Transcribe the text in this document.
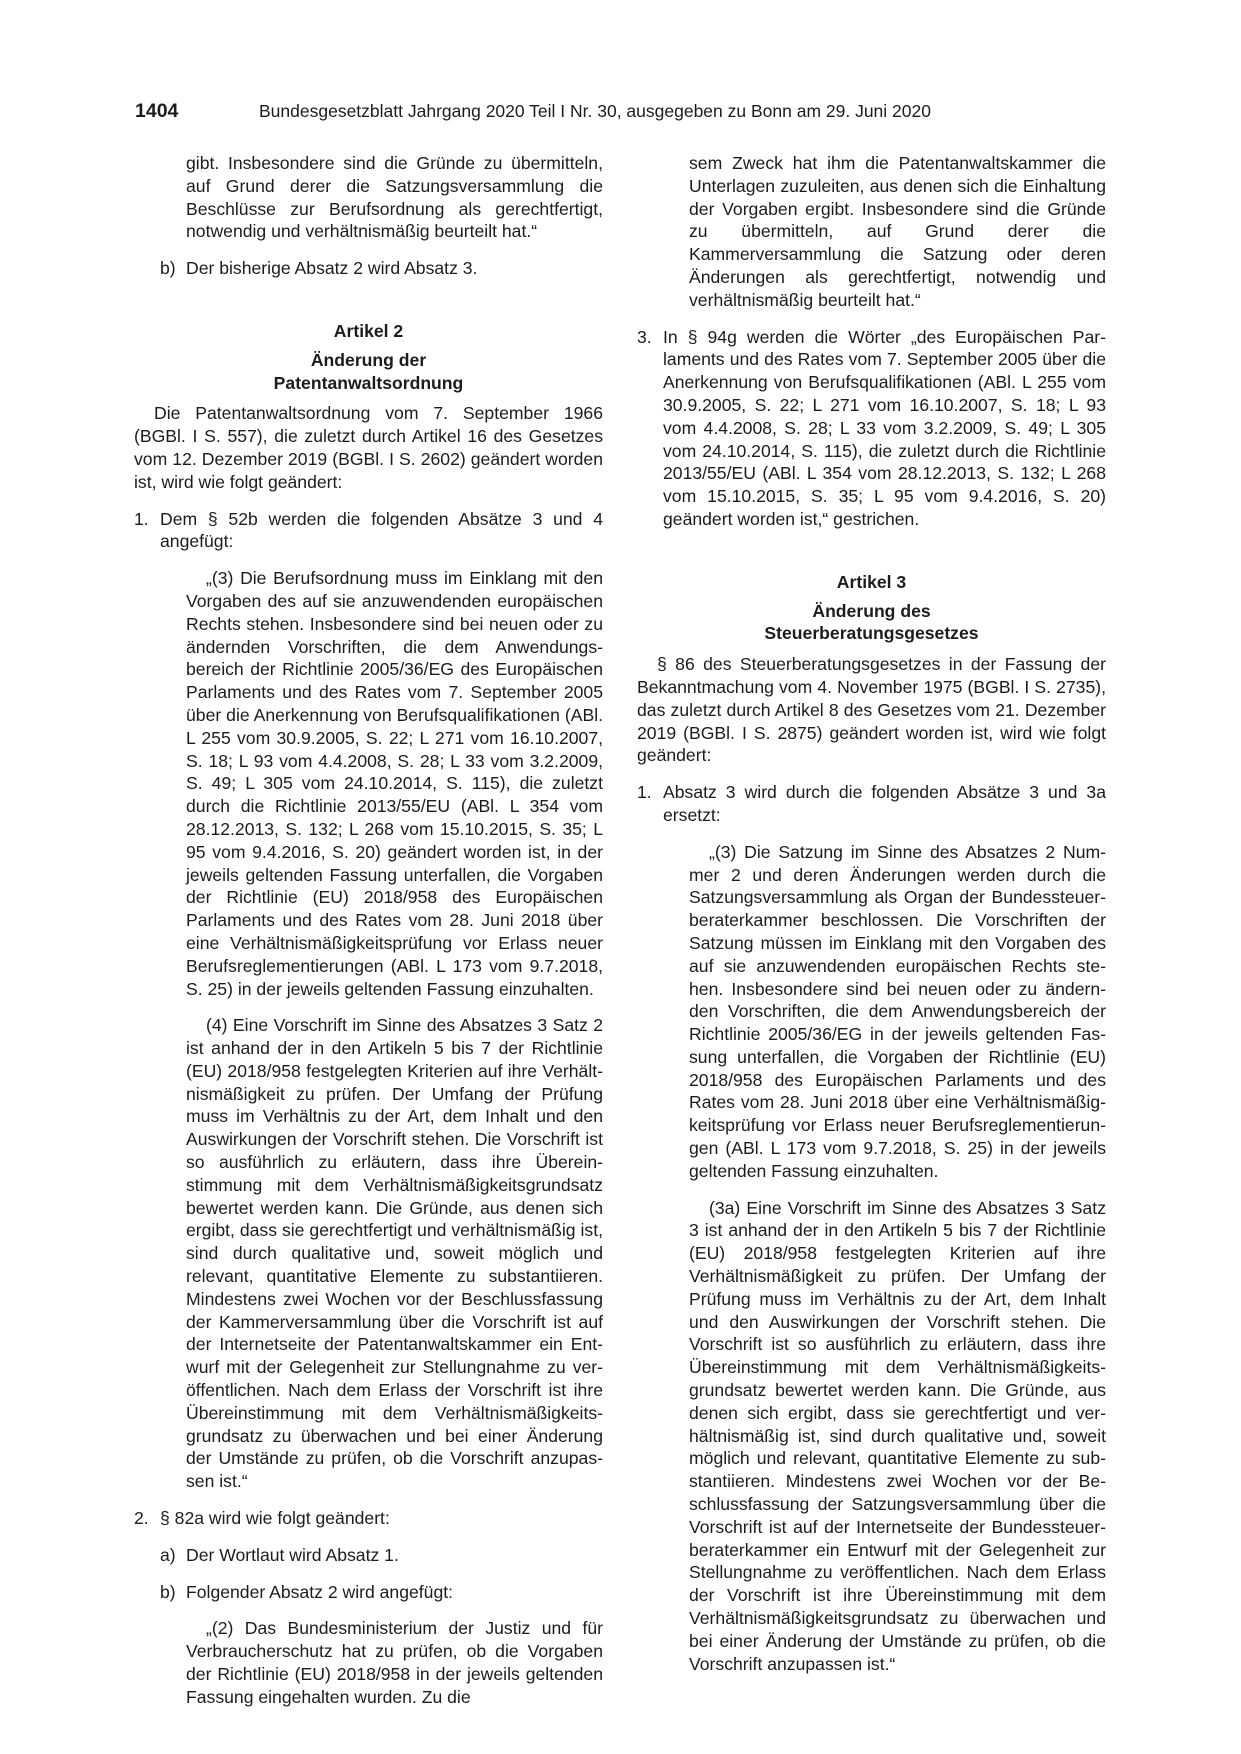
1404	Bundesgesetzblatt Jahrgang 2020 Teil I Nr. 30, ausgegeben zu Bonn am 29. Juni 2020

gibt. Insbesondere sind die Gründe zu übermitteln, auf Grund derer die Satzungsversammlung die Beschlüsse zur Berufsordnung als gerechtfertigt, notwendig und verhältnismäßig beurteilt hat.“

b) Der bisherige Absatz 2 wird Absatz 3.

Artikel 2

Änderung der

Patentanwaltsordnung

Die Patentanwaltsordnung vom 7. September 1966 (BGBl. I S. 557), die zuletzt durch Artikel 16 des Gesetzes vom 12. Dezember 2019 (BGBl. I S. 2602) geändert worden ist, wird wie folgt geändert:

1. Dem § 52b werden die folgenden Absätze 3 und 4 angefügt:

„(3) Die Berufsordnung muss im Einklang mit den Vorgaben des auf sie anzuwendenden europäischen Rechts stehen. Insbesondere sind bei neuen oder zu ändernden Vorschriften, die dem Anwendungsbereich der Richtlinie 2005/36/EG des Europäischen Parlaments und des Rates vom 7. September 2005 über die Anerkennung von Berufsqualifikationen (ABl. L 255 vom 30.9.2005, S. 22; L 271 vom 16.10.2007, S. 18; L 93 vom 4.4.2008, S. 28; L 33 vom 3.2.2009, S. 49; L 305 vom 24.10.2014, S. 115), die zuletzt durch die Richtlinie 2013/55/EU (ABl. L 354 vom 28.12.2013, S. 132; L 268 vom 15.10.2015, S. 35; L 95 vom 9.4.2016, S. 20) geändert worden ist, in der jeweils geltenden Fassung unterfallen, die Vorgaben der Richtlinie (EU) 2018/958 des Europäischen Parlaments und des Rates vom 28. Juni 2018 über eine Verhältnismäßigkeitsprüfung vor Erlass neuer Berufsreglementierungen (ABl. L 173 vom 9.7.2018, S. 25) in der jeweils geltenden Fassung einzuhalten.

(4) Eine Vorschrift im Sinne des Absatzes 3 Satz 2 ist anhand der in den Artikeln 5 bis 7 der Richtlinie (EU) 2018/958 festgelegten Kriterien auf ihre Verhältnismäßigkeit zu prüfen. Der Umfang der Prüfung muss im Verhältnis zu der Art, dem Inhalt und den Auswirkungen der Vorschrift stehen. Die Vorschrift ist so ausführlich zu erläutern, dass ihre Übereinstimmung mit dem Verhältnismäßigkeitsgrundsatz bewertet werden kann. Die Gründe, aus denen sich ergibt, dass sie gerechtfertigt und verhältnismäßig ist, sind durch qualitative und, soweit möglich und relevant, quantitative Elemente zu substantiieren. Mindestens zwei Wochen vor der Beschlussfassung der Kammerversammlung über die Vorschrift ist auf der Internetseite der Patentanwaltskammer ein Entwurf mit der Gelegenheit zur Stellungnahme zu veröffentlichen. Nach dem Erlass der Vorschrift ist ihre Übereinstimmung mit dem Verhältnismäßigkeitsgrundsatz zu überwachen und bei einer Änderung der Umstände zu prüfen, ob die Vorschrift anzupassen ist.“

2. § 82a wird wie folgt geändert:

a) Der Wortlaut wird Absatz 1.

b) Folgender Absatz 2 wird angefügt:

„(2) Das Bundesministerium der Justiz und für Verbraucherschutz hat zu prüfen, ob die Vorgaben der Richtlinie (EU) 2018/958 in der jeweils geltenden Fassung eingehalten wurden. Zu die

sem Zweck hat ihm die Patentanwaltskammer die Unterlagen zuzuleiten, aus denen sich die Einhaltung der Vorgaben ergibt. Insbesondere sind die Gründe zu übermitteln, auf Grund derer die Kammerversammlung die Satzung oder deren Änderungen als gerechtfertigt, notwendig und verhältnismäßig beurteilt hat.“

3. In § 94g werden die Wörter „des Europäischen Parlaments und des Rates vom 7. September 2005 über die Anerkennung von Berufsqualifikationen (ABl. L 255 vom 30.9.2005, S. 22; L 271 vom 16.10.2007, S. 18; L 93 vom 4.4.2008, S. 28; L 33 vom 3.2.2009, S. 49; L 305 vom 24.10.2014, S. 115), die zuletzt durch die Richtlinie 2013/55/EU (ABl. L 354 vom 28.12.2013, S. 132; L 268 vom 15.10.2015, S. 35; L 95 vom 9.4.2016, S. 20) geändert worden ist,“ gestrichen.

Artikel 3

Änderung des

Steuerberatungsgesetzes

§ 86 des Steuerberatungsgesetzes in der Fassung der Bekanntmachung vom 4. November 1975 (BGBl. I S. 2735), das zuletzt durch Artikel 8 des Gesetzes vom 21. Dezember 2019 (BGBl. I S. 2875) geändert worden ist, wird wie folgt geändert:

1. Absatz 3 wird durch die folgenden Absätze 3 und 3a ersetzt:

„(3) Die Satzung im Sinne des Absatzes 2 Nummer 2 und deren Änderungen werden durch die Satzungsversammlung als Organ der Bundessteuerberaterkammer beschlossen. Die Vorschriften der Satzung müssen im Einklang mit den Vorgaben des auf sie anzuwendenden europäischen Rechts stehen. Insbesondere sind bei neuen oder zu ändernden Vorschriften, die dem Anwendungsbereich der Richtlinie 2005/36/EG in der jeweils geltenden Fassung unterfallen, die Vorgaben der Richtlinie (EU) 2018/958 des Europäischen Parlaments und des Rates vom 28. Juni 2018 über eine Verhältnismäßigkeitsprüfung vor Erlass neuer Berufsreglementierungen (ABl. L 173 vom 9.7.2018, S. 25) in der jeweils geltenden Fassung einzuhalten.

(3a) Eine Vorschrift im Sinne des Absatzes 3 Satz 3 ist anhand der in den Artikeln 5 bis 7 der Richtlinie (EU) 2018/958 festgelegten Kriterien auf ihre Verhältnismäßigkeit zu prüfen. Der Umfang der Prüfung muss im Verhältnis zu der Art, dem Inhalt und den Auswirkungen der Vorschrift stehen. Die Vorschrift ist so ausführlich zu erläutern, dass ihre Übereinstimmung mit dem Verhältnismäßigkeitsgrundsatz bewertet werden kann. Die Gründe, aus denen sich ergibt, dass sie gerechtfertigt und verhältnismäßig ist, sind durch qualitative und, soweit möglich und relevant, quantitative Elemente zu substantiieren. Mindestens zwei Wochen vor der Beschlussfassung der Satzungsversammlung über die Vorschrift ist auf der Internetseite der Bundessteuerberaterkammer ein Entwurf mit der Gelegenheit zur Stellungnahme zu veröffentlichen. Nach dem Erlass der Vorschrift ist ihre Übereinstimmung mit dem Verhältnismäßigkeitsgrundsatz zu überwachen und bei einer Änderung der Umstände zu prüfen, ob die Vorschrift anzupassen ist.“
